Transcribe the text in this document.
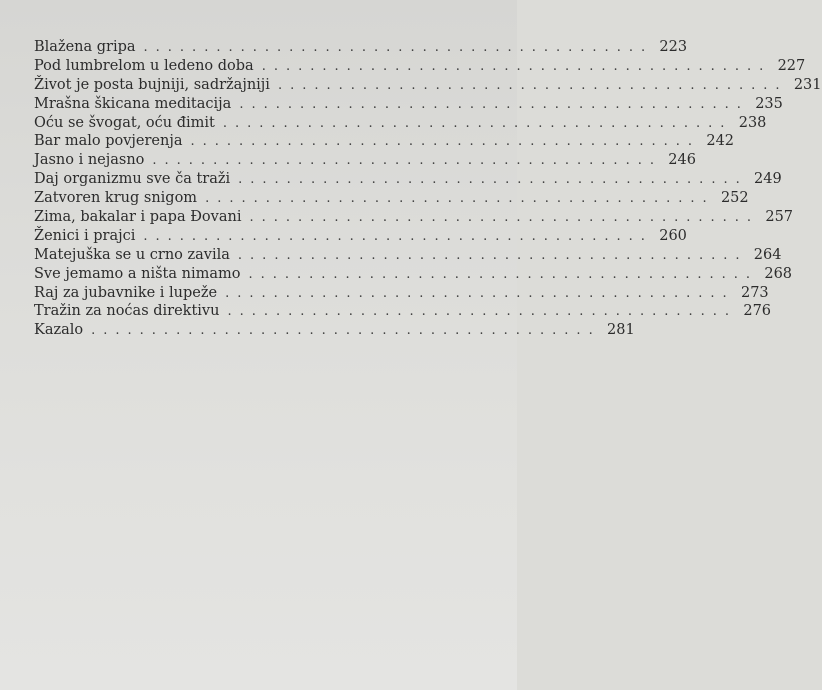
Blažena gripa .......................................... 223
Pod lumbrelom u ledeno doba .......................................... 227
Život je posta bujniji, sadržajniji .......................................... 231
Mrašna škicana meditacija .......................................... 235
Oću se švogat, oću đimit .......................................... 238
Bar malo povjerenja .......................................... 242
Jasno i nejasno .......................................... 246
Daj organizmu sve ča traži .......................................... 249
Zatvoren krug snigom .......................................... 252
Zima, bakalar i papa Đovani .......................................... 257
Ženici i prajci .......................................... 260
Matejuška se u crno zavila .......................................... 264
Sve jemamo a ništa nimamo .......................................... 268
Raj za jubavnike i lupeže .......................................... 273
Tražin za noćas direktivu .......................................... 276
Kazalo .......................................... 281
